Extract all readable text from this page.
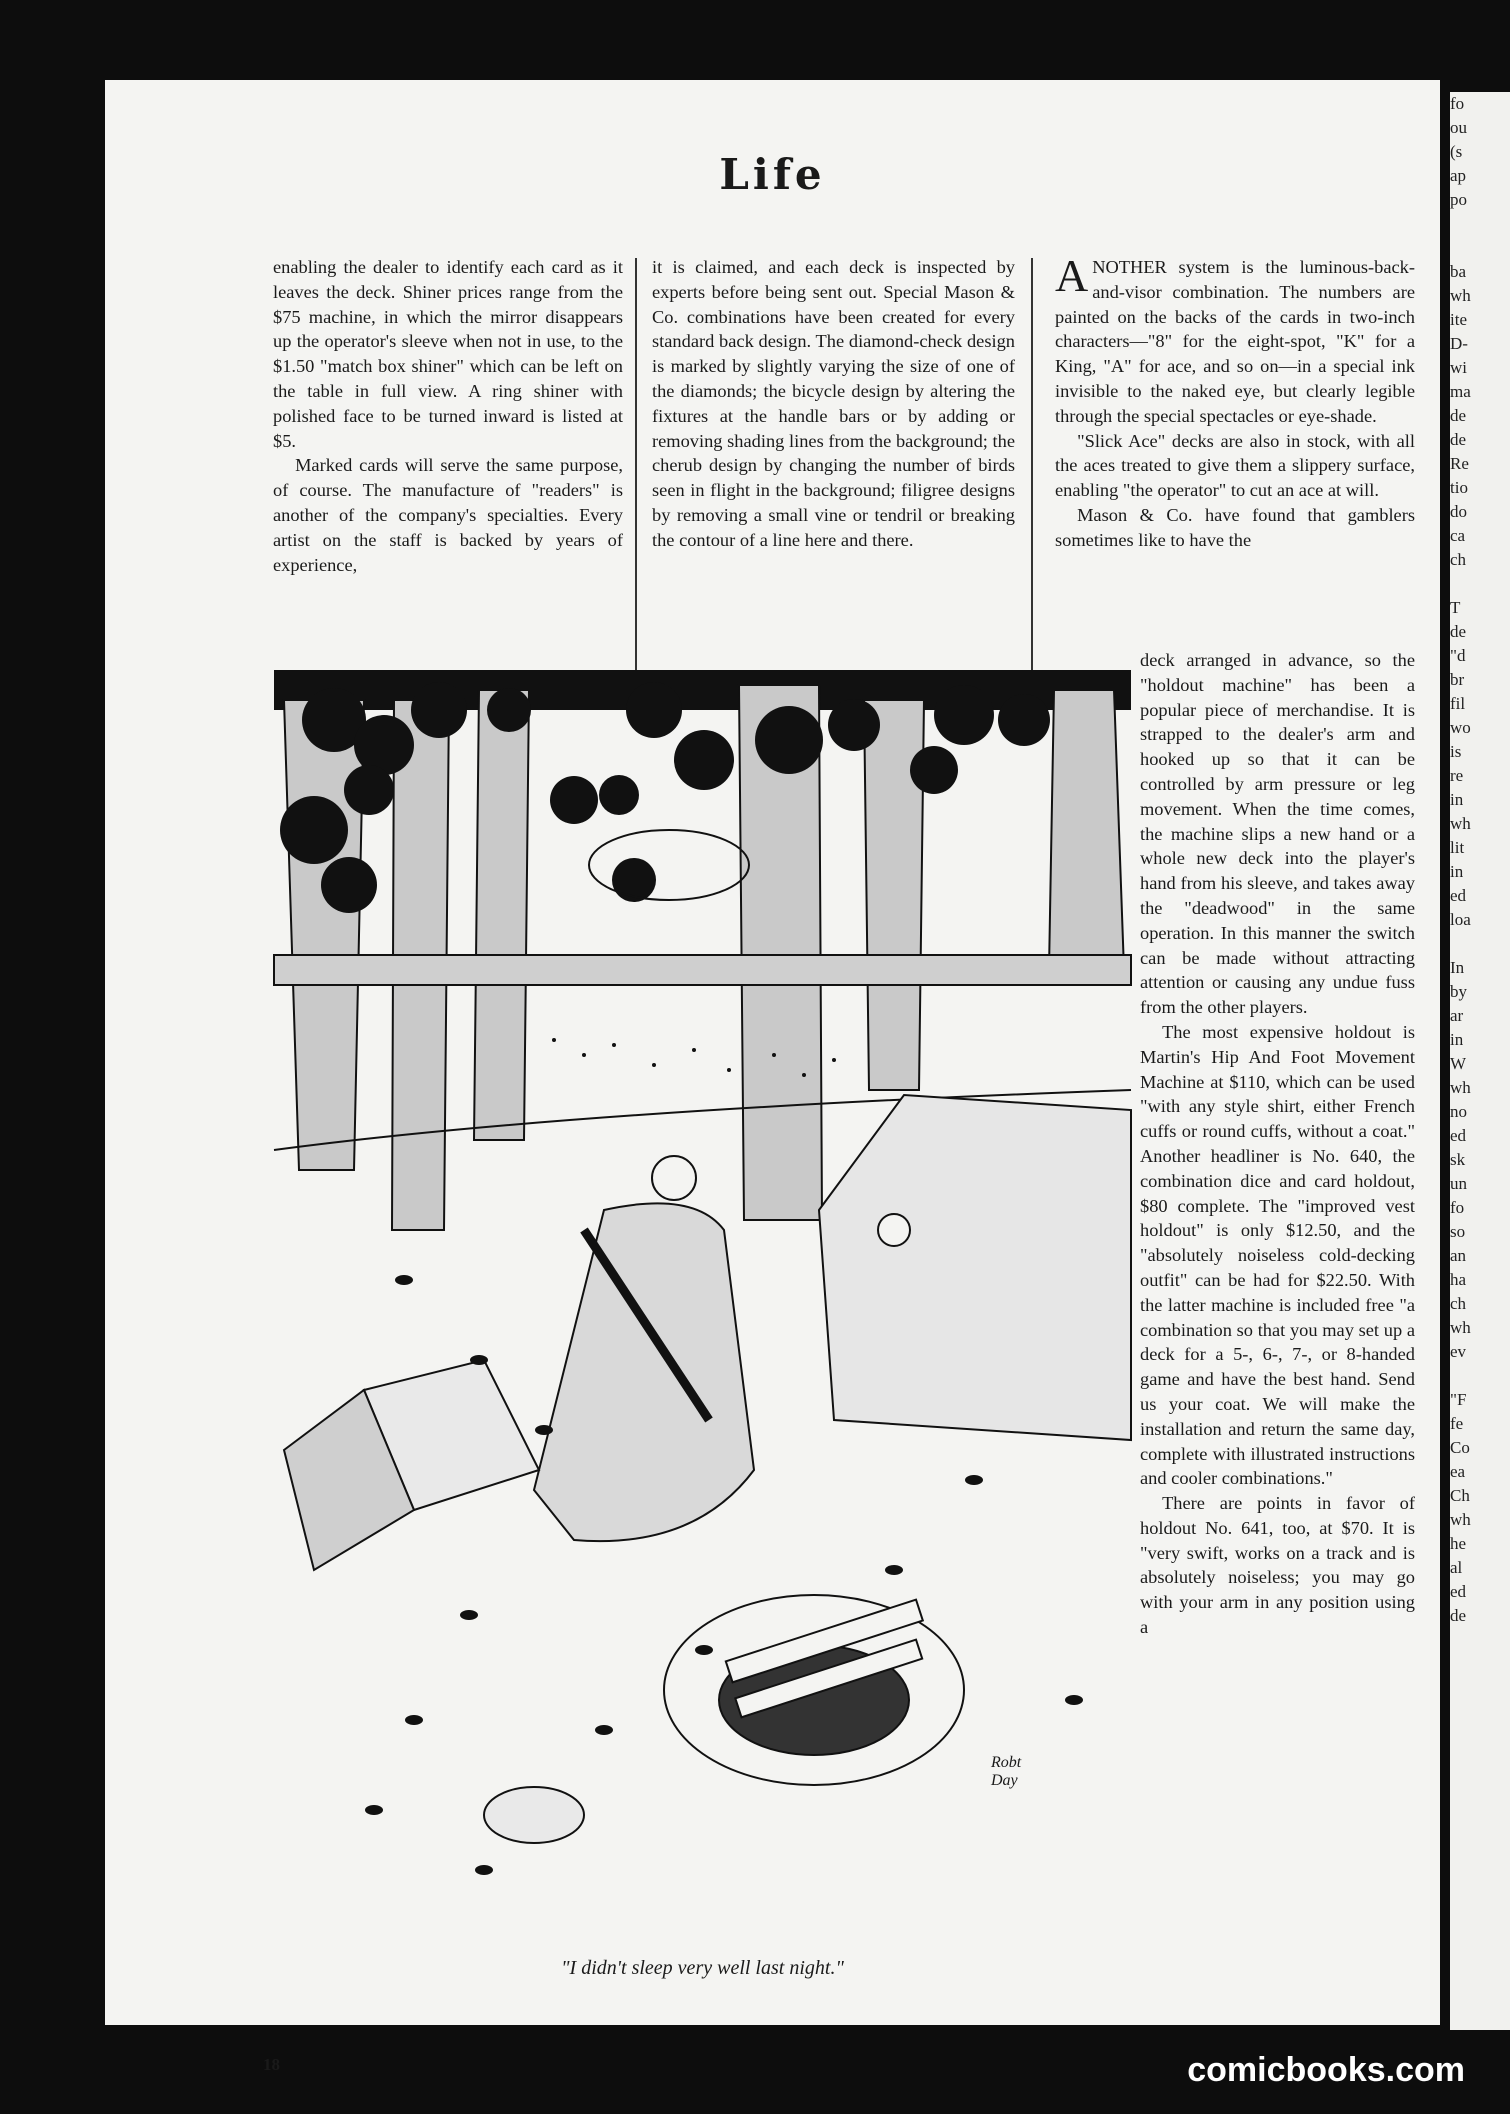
Life

enabling the dealer to identify each card as it leaves the deck. Shiner prices range from the $75 machine, in which the mirror disappears up the operator's sleeve when not in use, to the $1.50 "match box shiner" which can be left on the table in full view. A ring shiner with polished face to be turned inward is listed at $5.

Marked cards will serve the same purpose, of course. The manufacture of "readers" is another of the company's specialties. Every artist on the staff is backed by years of experience,

it is claimed, and each deck is inspected by experts before being sent out. Special Mason & Co. combinations have been created for every standard back design. The diamond-check design is marked by slightly varying the size of one of the diamonds; the bicycle design by altering the fixtures at the handle bars or by adding or removing shading lines from the background; the cherub design by changing the number of birds seen in flight in the background; filigree designs by removing a small vine or tendril or breaking the contour of a line here and there.

ANOTHER system is the luminous-back-and-visor combination. The numbers are painted on the backs of the cards in two-inch characters—"8" for the eight-spot, "K" for a King, "A" for ace, and so on—in a special ink invisible to the naked eye, but clearly legible through the special spectacles or eye-shade.

"Slick Ace" decks are also in stock, with all the aces treated to give them a slippery surface, enabling "the operator" to cut an ace at will.

Mason & Co. have found that gamblers sometimes like to have the

deck arranged in advance, so the "holdout machine" has been a popular piece of merchandise. It is strapped to the dealer's arm and hooked up so that it can be controlled by arm pressure or leg movement. When the time comes, the machine slips a new hand or a whole new deck into the player's hand from his sleeve, and takes away the "deadwood" in the same operation. In this manner the switch can be made without attracting attention or causing any undue fuss from the other players.

The most expensive holdout is Martin's Hip And Foot Movement Machine at $110, which can be used "with any style shirt, either French cuffs or round cuffs, without a coat." Another headliner is No. 640, the combination dice and card holdout, $80 complete. The "improved vest holdout" is only $12.50, and the "absolutely noiseless cold-decking outfit" can be had for $22.50. With the latter machine is included free "a combination so that you may set up a deck for a 5-, 6-, 7-, or 8-handed game and have the best hand. Send us your coat. We will make the installation and return the same day, complete with illustrated instructions and cooler combinations."

There are points in favor of holdout No. 641, too, at $70. It is "very swift, works on a track and is absolutely noiseless; you may go with your arm in any position using a

Robt
Day
"I didn't sleep very well last night."
18
fo
ou
(s
ap
po

ba
wh
ite
D-
wi
ma
de
de
Re
tio
do
ca
ch

T
de
"d
br
fil
wo
is
re
in
wh
lit
in
ed
loa

In
by
ar
in
W
wh
no
ed
sk
un
fo
so
an
ha
ch
wh
ev

"F
fe
Co
ea
Ch
wh
he
al
ed
de
comicbooks.com
